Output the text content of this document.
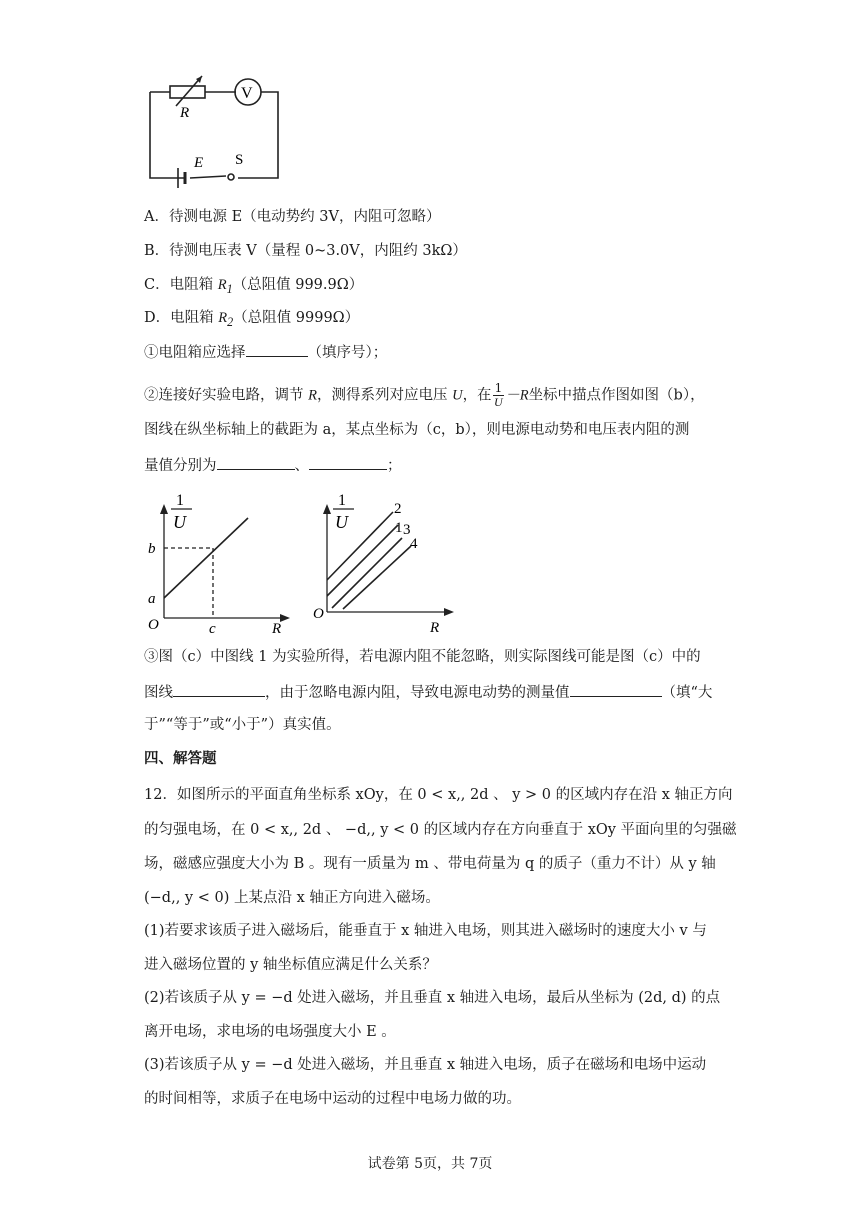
R
V
E S
A．待测电源 E（电动势约 3V，内阻可忽略）
B．待测电压表 V（量程 0~3.0V，内阻约 3kΩ）
C．电阻箱 $R_1$（总阻值 999.9Ω）
D．电阻箱 $R_2$（总阻值 9999Ω）
①电阻箱应选择	（填序号）；
②连接好实验电路，调节 R，测得系列对应电压 U，在 $\frac{1}{U} -R$坐标中描点作图如图（b），
图线在纵坐标轴上的截距为 a，某点坐标为（c，b），则电源电动势和电压表内阻的测
量值分别为	、	；
1
U
b
a
O	c	R
1
U
2
1 3
4
O
R
③图（c）中图线 1 为实验所得，若电源内阻不能忽略，则实际图线可能是图（c）中的
图线	，由于忽略电源内阻，导致电源电动势的测量值	（填“大
于”“等于”或“小于”）真实值。
四、解答题
12．如图所示的平面直角坐标系 xOy，在 0 < x,, 2d 、 y > 0 的区域内存在沿 x 轴正方向
的匀强电场，在 0 < x,, 2d 、 −d,, y < 0 的区域内存在方向垂直于 xOy 平面向里的匀强磁
场，磁感应强度大小为 B 。现有一质量为 m 、带电荷量为 q 的质子（重力不计）从 y 轴
(−d,, y < 0) 上某点沿 x 轴正方向进入磁场。
(1)若要求该质子进入磁场后，能垂直于 x 轴进入电场，则其进入磁场时的速度大小 v 与
进入磁场位置的 y 轴坐标值应满足什么关系？
(2)若该质子从 y = −d 处进入磁场，并且垂直 x 轴进入电场，最后从坐标为 (2d, d) 的点
离开电场，求电场的电场强度大小 E 。
(3)若该质子从 y = −d 处进入磁场，并且垂直 x 轴进入电场，质子在磁场和电场中运动
的时间相等，求质子在电场中运动的过程中电场力做的功。
试卷第 5页，共 7页
